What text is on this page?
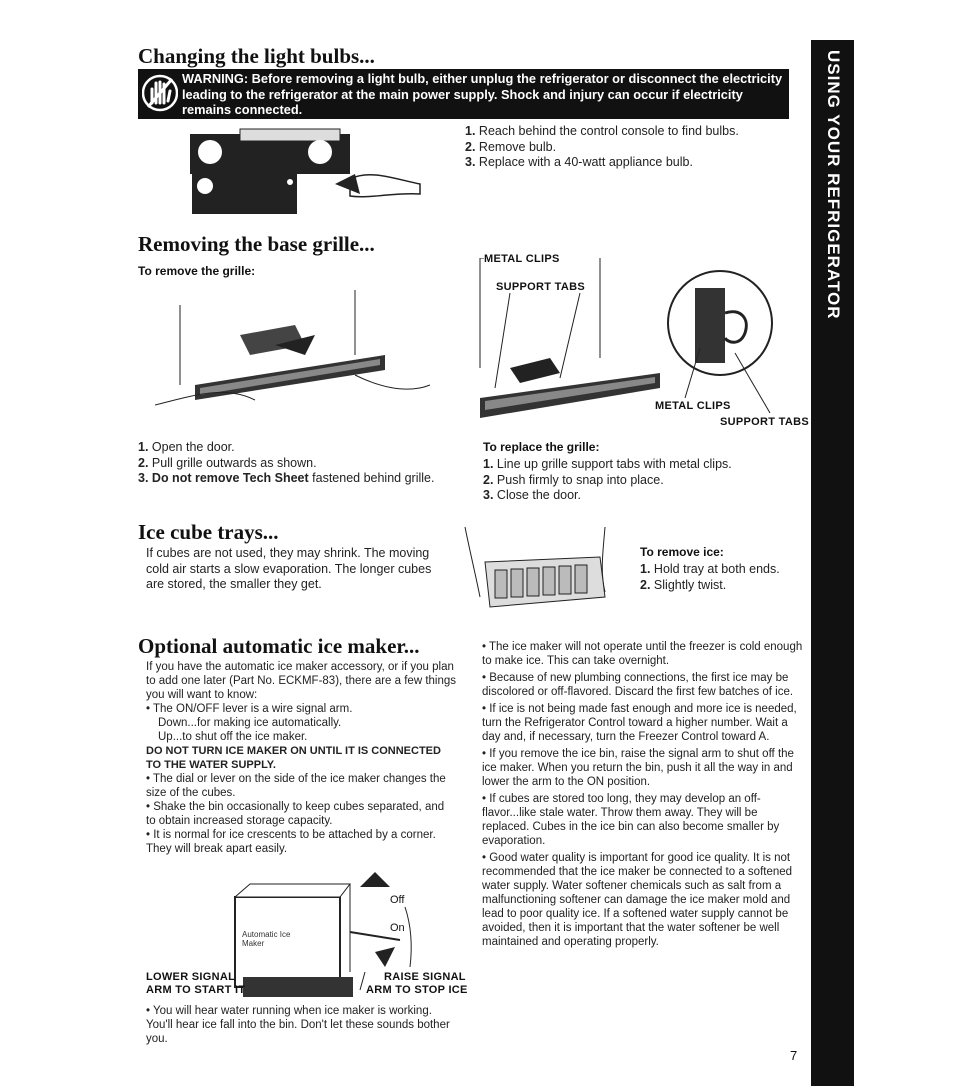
USING YOUR REFRIGERATOR
Changing the light bulbs...
WARNING: Before removing a light bulb, either unplug the refrigerator or disconnect the electricity leading to the refrigerator at the main power supply. Shock and injury can occur if electricity remains connected.
1. Reach behind the control console to find bulbs.
2. Remove bulb.
3. Replace with a 40-watt appliance bulb.
Removing the base grille...
To remove the grille:
METAL CLIPS
SUPPORT TABS
METAL CLIPS
SUPPORT TABS
1. Open the door.
2. Pull grille outwards as shown.
3. Do not remove Tech Sheet fastened behind grille.
To replace the grille:
1. Line up grille support tabs with metal clips.
2. Push firmly to snap into place.
3. Close the door.
Ice cube trays...
If cubes are not used, they may shrink. The moving cold air starts a slow evaporation. The longer cubes are stored, the smaller they get.
To remove ice:
1. Hold tray at both ends.
2. Slightly twist.
Optional automatic ice maker...
If you have the automatic ice maker accessory, or if you plan to add one later (Part No. ECKMF-83), there are a few things you will want to know:
• The ON/OFF lever is a wire signal arm.
Down...for making ice automatically.
Up...to shut off the ice maker.
DO NOT TURN ICE MAKER ON UNTIL IT IS CONNECTED TO THE WATER SUPPLY.
• The dial or lever on the side of the ice maker changes the size of the cubes.
• Shake the bin occasionally to keep cubes separated, and to obtain increased storage capacity.
• It is normal for ice crescents to be attached by a corner. They will break apart easily.
Automatic Ice Maker
Off
On
LOWER SIGNAL
ARM TO START IT
RAISE SIGNAL
ARM TO STOP ICE
• You will hear water running when ice maker is working. You'll hear ice fall into the bin. Don't let these sounds bother you.
• The ice maker will not operate until the freezer is cold enough to make ice. This can take overnight.
• Because of new plumbing connections, the first ice may be discolored or off-flavored. Discard the first few batches of ice.
• If ice is not being made fast enough and more ice is needed, turn the Refrigerator Control toward a higher number. Wait a day and, if necessary, turn the Freezer Control toward A.
• If you remove the ice bin, raise the signal arm to shut off the ice maker. When you return the bin, push it all the way in and lower the arm to the ON position.
• If cubes are stored too long, they may develop an off-flavor...like stale water. Throw them away. They will be replaced. Cubes in the ice bin can also become smaller by evaporation.
• Good water quality is important for good ice quality. It is not recommended that the ice maker be connected to a softened water supply. Water softener chemicals such as salt from a malfunctioning softener can damage the ice maker mold and lead to poor quality ice. If a softened water supply cannot be avoided, then it is important that the water softener be well maintained and operating properly.
7
